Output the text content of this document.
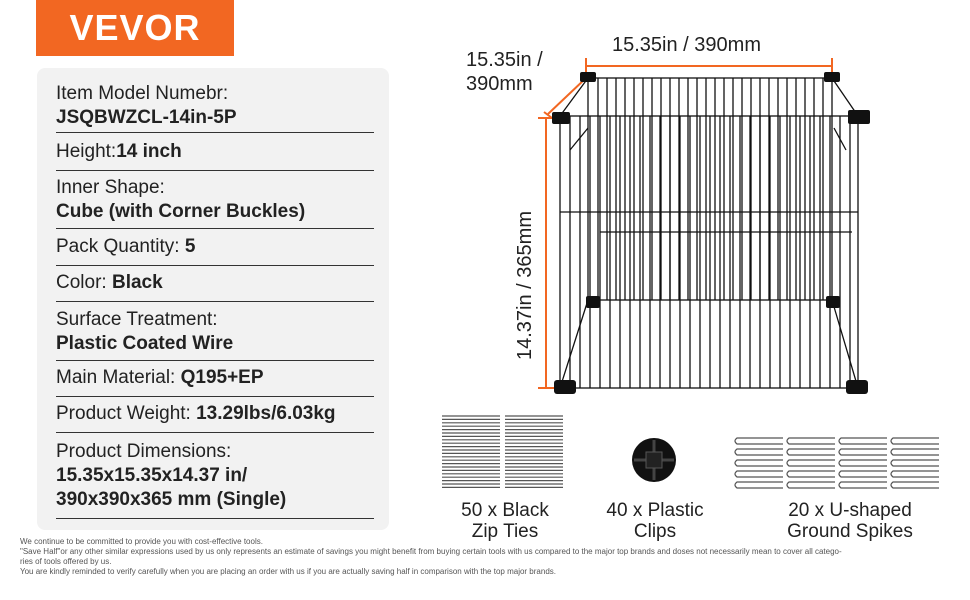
VEVOR
Item Model Numebr:
JSQBWZCL-14in-5P
Height:14 inch
Inner Shape:
Cube (with Corner Buckles)
Pack Quantity: 5
Color: Black
Surface Treatment:
Plastic Coated Wire
Main Material: Q195+EP
Product Weight: 13.29lbs/6.03kg
Product Dimensions:
15.35x15.35x14.37 in/
390x390x365 mm (Single)
15.35in /
390mm
15.35in / 390mm
14.37in / 365mm
50 x Black
Zip Ties
40 x Plastic
Clips
20 x U-shaped
Ground Spikes
We continue to be committed to provide you with cost-effective tools.
"Save Half"or any other similar expressions used by us only represents an estimate of savings you might benefit from buying certain tools with us compared to the major top brands and doses not necessarily mean to cover all catego-
ries of tools offered by us.
You are kindly reminded to verify carefully when you are placing an order with us if you are actually saving half in comparison with the top major brands.
